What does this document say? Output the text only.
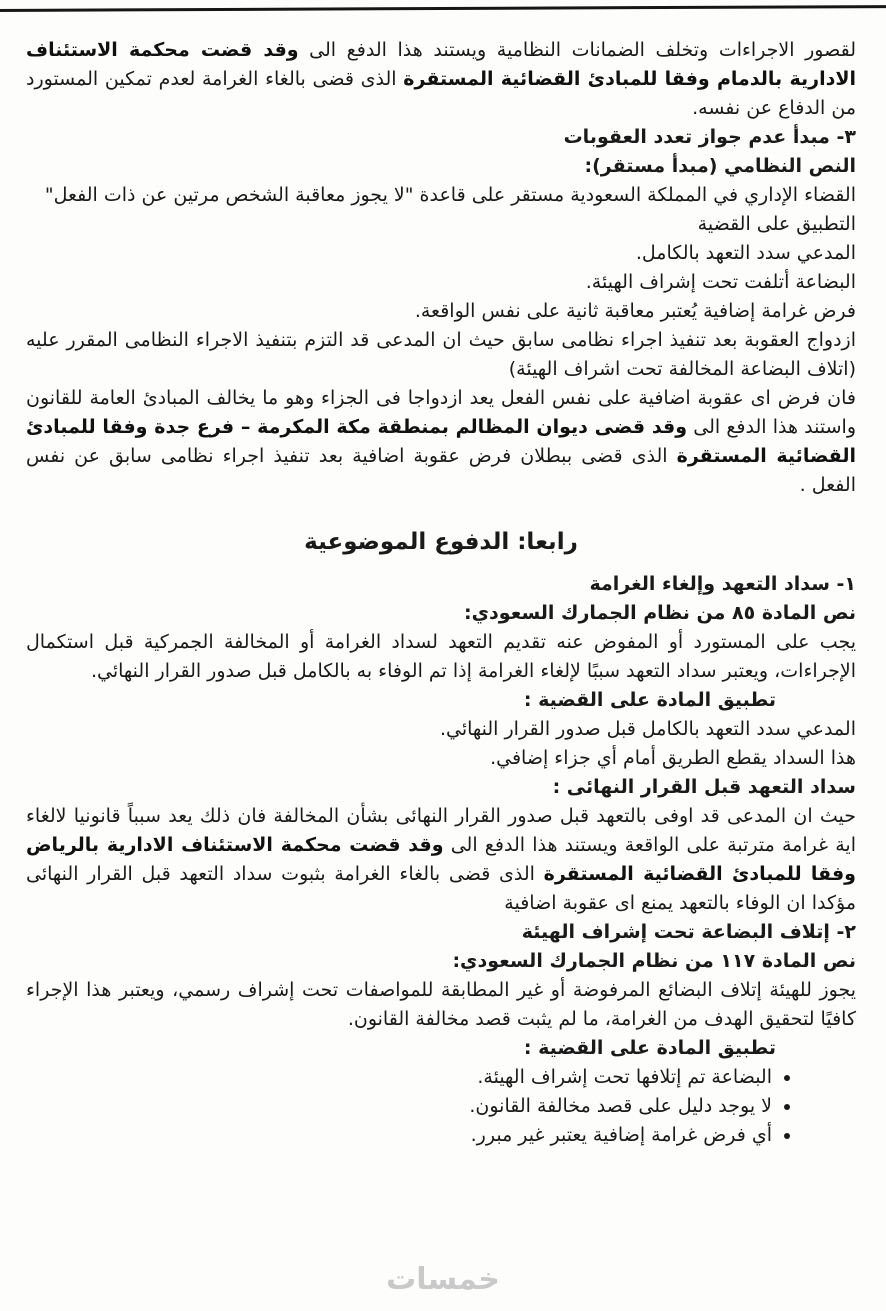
لقصور الاجراءات وتخلف الضمانات النظامية ويستند هذا الدفع الى وقد قضت محكمة الاستئناف الادارية بالدمام وفقا للمبادئ القضائية المستقرة الذى قضى بالغاء الغرامة لعدم تمكين المستورد من الدفاع عن نفسه.

٣- مبدأ عدم جواز تعدد العقوبات

النص النظامي (مبدأ مستقر):

القضاء الإداري في المملكة السعودية مستقر على قاعدة "لا يجوز معاقبة الشخص مرتين عن ذات الفعل"

التطبيق على القضية

المدعي سدد التعهد بالكامل.

البضاعة أتلفت تحت إشراف الهيئة.

فرض غرامة إضافية يُعتبر معاقبة ثانية على نفس الواقعة.

ازدواج العقوبة بعد تنفيذ اجراء نظامى سابق حيث ان المدعى قد التزم بتنفيذ الاجراء النظامى المقرر عليه (اتلاف البضاعة المخالفة تحت اشراف الهيئة)

فان فرض اى عقوبة اضافية على نفس الفعل يعد ازدواجا فى الجزاء وهو ما يخالف المبادئ العامة للقانون واستند هذا الدفع الى وقد قضى ديوان المظالم بمنطقة مكة المكرمة – فرع جدة وفقا للمبادئ القضائية المستقرة الذى قضى ببطلان فرض عقوبة اضافية بعد تنفيذ اجراء نظامى سابق عن نفس الفعل .

رابعا: الدفوع الموضوعية

١- سداد التعهد وإلغاء الغرامة

نص المادة ٨٥ من نظام الجمارك السعودي:

يجب على المستورد أو المفوض عنه تقديم التعهد لسداد الغرامة أو المخالفة الجمركية قبل استكمال الإجراءات، ويعتبر سداد التعهد سببًا لإلغاء الغرامة إذا تم الوفاء به بالكامل قبل صدور القرار النهائي.

تطبيق المادة على القضية :

المدعي سدد التعهد بالكامل قبل صدور القرار النهائي.

هذا السداد يقطع الطريق أمام أي جزاء إضافي.

سداد التعهد قبل القرار النهائى :

حيث ان المدعى قد اوفى بالتعهد قبل صدور القرار النهائى بشأن المخالفة فان ذلك يعد سبباً قانونيا لالغاء اية غرامة مترتبة على الواقعة ويستند هذا الدفع الى وقد قضت محكمة الاستئناف الادارية بالرياض وفقا للمبادئ القضائية المستقرة الذى قضى بالغاء الغرامة بثبوت سداد التعهد قبل القرار النهائى مؤكدا ان الوفاء بالتعهد يمنع اى عقوبة اضافية

٢- إتلاف البضاعة تحت إشراف الهيئة

نص المادة ١١٧ من نظام الجمارك السعودي:

يجوز للهيئة إتلاف البضائع المرفوضة أو غير المطابقة للمواصفات تحت إشراف رسمي، ويعتبر هذا الإجراء كافيًا لتحقيق الهدف من الغرامة، ما لم يثبت قصد مخالفة القانون.

تطبيق المادة على القضية :

• البضاعة تم إتلافها تحت إشراف الهيئة.
• لا يوجد دليل على قصد مخالفة القانون.
• أي فرض غرامة إضافية يعتبر غير مبرر.
خمسات
